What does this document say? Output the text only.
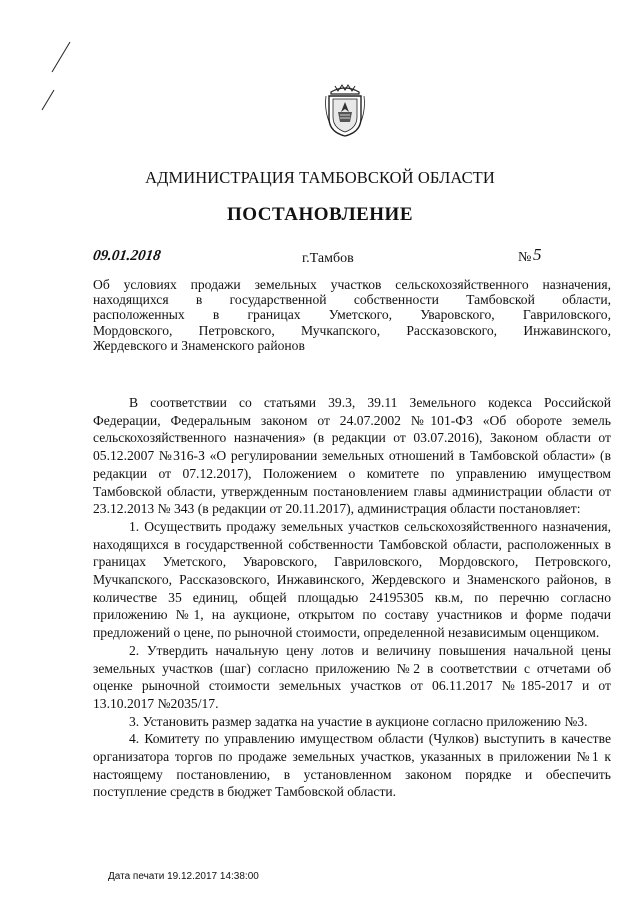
АДМИНИСТРАЦИЯ ТАМБОВСКОЙ ОБЛАСТИ
ПОСТАНОВЛЕНИЕ
09.01.2018	г.Тамбов	№ 5
Об условиях продажи земельных участков сельскохозяйственного назначения,
находящихся в государственной собственности Тамбовской области,
расположенных в границах Уметского, Уваровского, Гавриловского,
Мордовского, Петровского, Мучкапского, Рассказовского, Инжавинского,
Жердевского и Знаменского районов

В соответствии со статьями 39.3, 39.11 Земельного кодекса Российской Федерации, Федеральным законом от 24.07.2002 №101-ФЗ «Об обороте земель сельскохозяйственного назначения» (в редакции от 03.07.2016), Законом области от 05.12.2007 №316-З «О регулировании земельных отношений в Тамбовской области» (в редакции от 07.12.2017), Положением о комитете по управлению имуществом Тамбовской области, утвержденным постановлением главы администрации области от 23.12.2013 № 343 (в редакции от 20.11.2017), администрация области постановляет:

1. Осуществить продажу земельных участков сельскохозяйственного назначения, находящихся в государственной собственности Тамбовской области, расположенных в границах Уметского, Уваровского, Гавриловского, Мордовского, Петровского, Мучкапского, Рассказовского, Инжавинского, Жердевского и Знаменского районов, в количестве 35 единиц, общей площадью 24195305 кв.м, по перечню согласно приложению №1, на аукционе, открытом по составу участников и форме подачи предложений о цене, по рыночной стоимости, определенной независимым оценщиком.

2. Утвердить начальную цену лотов и величину повышения начальной цены земельных участков (шаг) согласно приложению №2 в соответствии с отчетами об оценке рыночной стоимости земельных участков от 06.11.2017 №185-2017 и от 13.10.2017 №2035/17.

3. Установить размер задатка на участие в аукционе согласно приложению №3.

4. Комитету по управлению имуществом области (Чулков) выступить в качестве организатора торгов по продаже земельных участков, указанных в приложении №1 к настоящему постановлению, в установленном законом порядке и обеспечить поступление средств в бюджет Тамбовской области.

Дата печати 19.12.2017 14:38:00
